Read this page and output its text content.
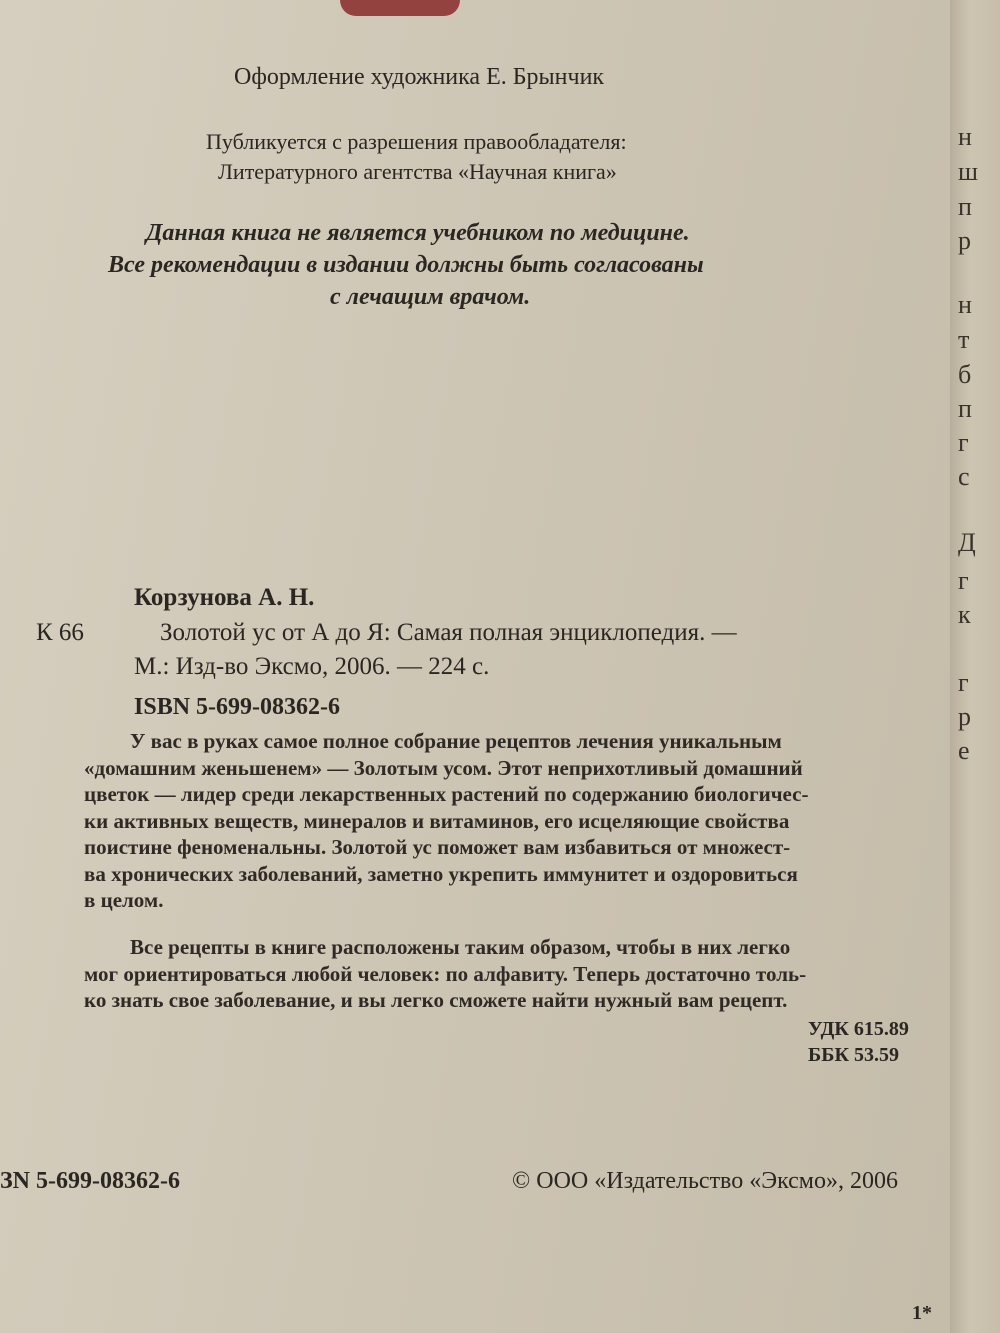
Оформление художника Е. Брынчик
Публикуется с разрешения правообладателя:
Литературного агентства «Научная книга»
Данная книга не является учебником по медицине.
Все рекомендации в издании должны быть согласованы
с лечащим врачом.
Корзунова А. Н.
К 66	Золотой ус от А до Я: Самая полная энциклопедия. —
М.: Изд-во Эксмо, 2006. — 224 с.
ISBN 5-699-08362-6
У вас в руках самое полное собрание рецептов лечения уникальным
«домашним женьшенем» — Золотым усом. Этот неприхотливый домашний
цветок — лидер среди лекарственных растений по содержанию биологичес-
ки активных веществ, минералов и витаминов, его исцеляющие свойства
поистине феноменальны. Золотой ус поможет вам избавиться от множест-
ва хронических заболеваний, заметно укрепить иммунитет и оздоровиться
в целом.
Все рецепты в книге расположены таким образом, чтобы в них легко
мог ориентироваться любой человек: по алфавиту. Теперь достаточно толь-
ко знать свое заболевание, и вы легко сможете найти нужный вам рецепт.
УДК 615.89
ББК 53.59
ЗN 5-699-08362-6	© ООО «Издательство «Эксмо», 2006
1*
н
ш
п
р
н
т
б
п
г
с
Д
г
к
г
р
е
